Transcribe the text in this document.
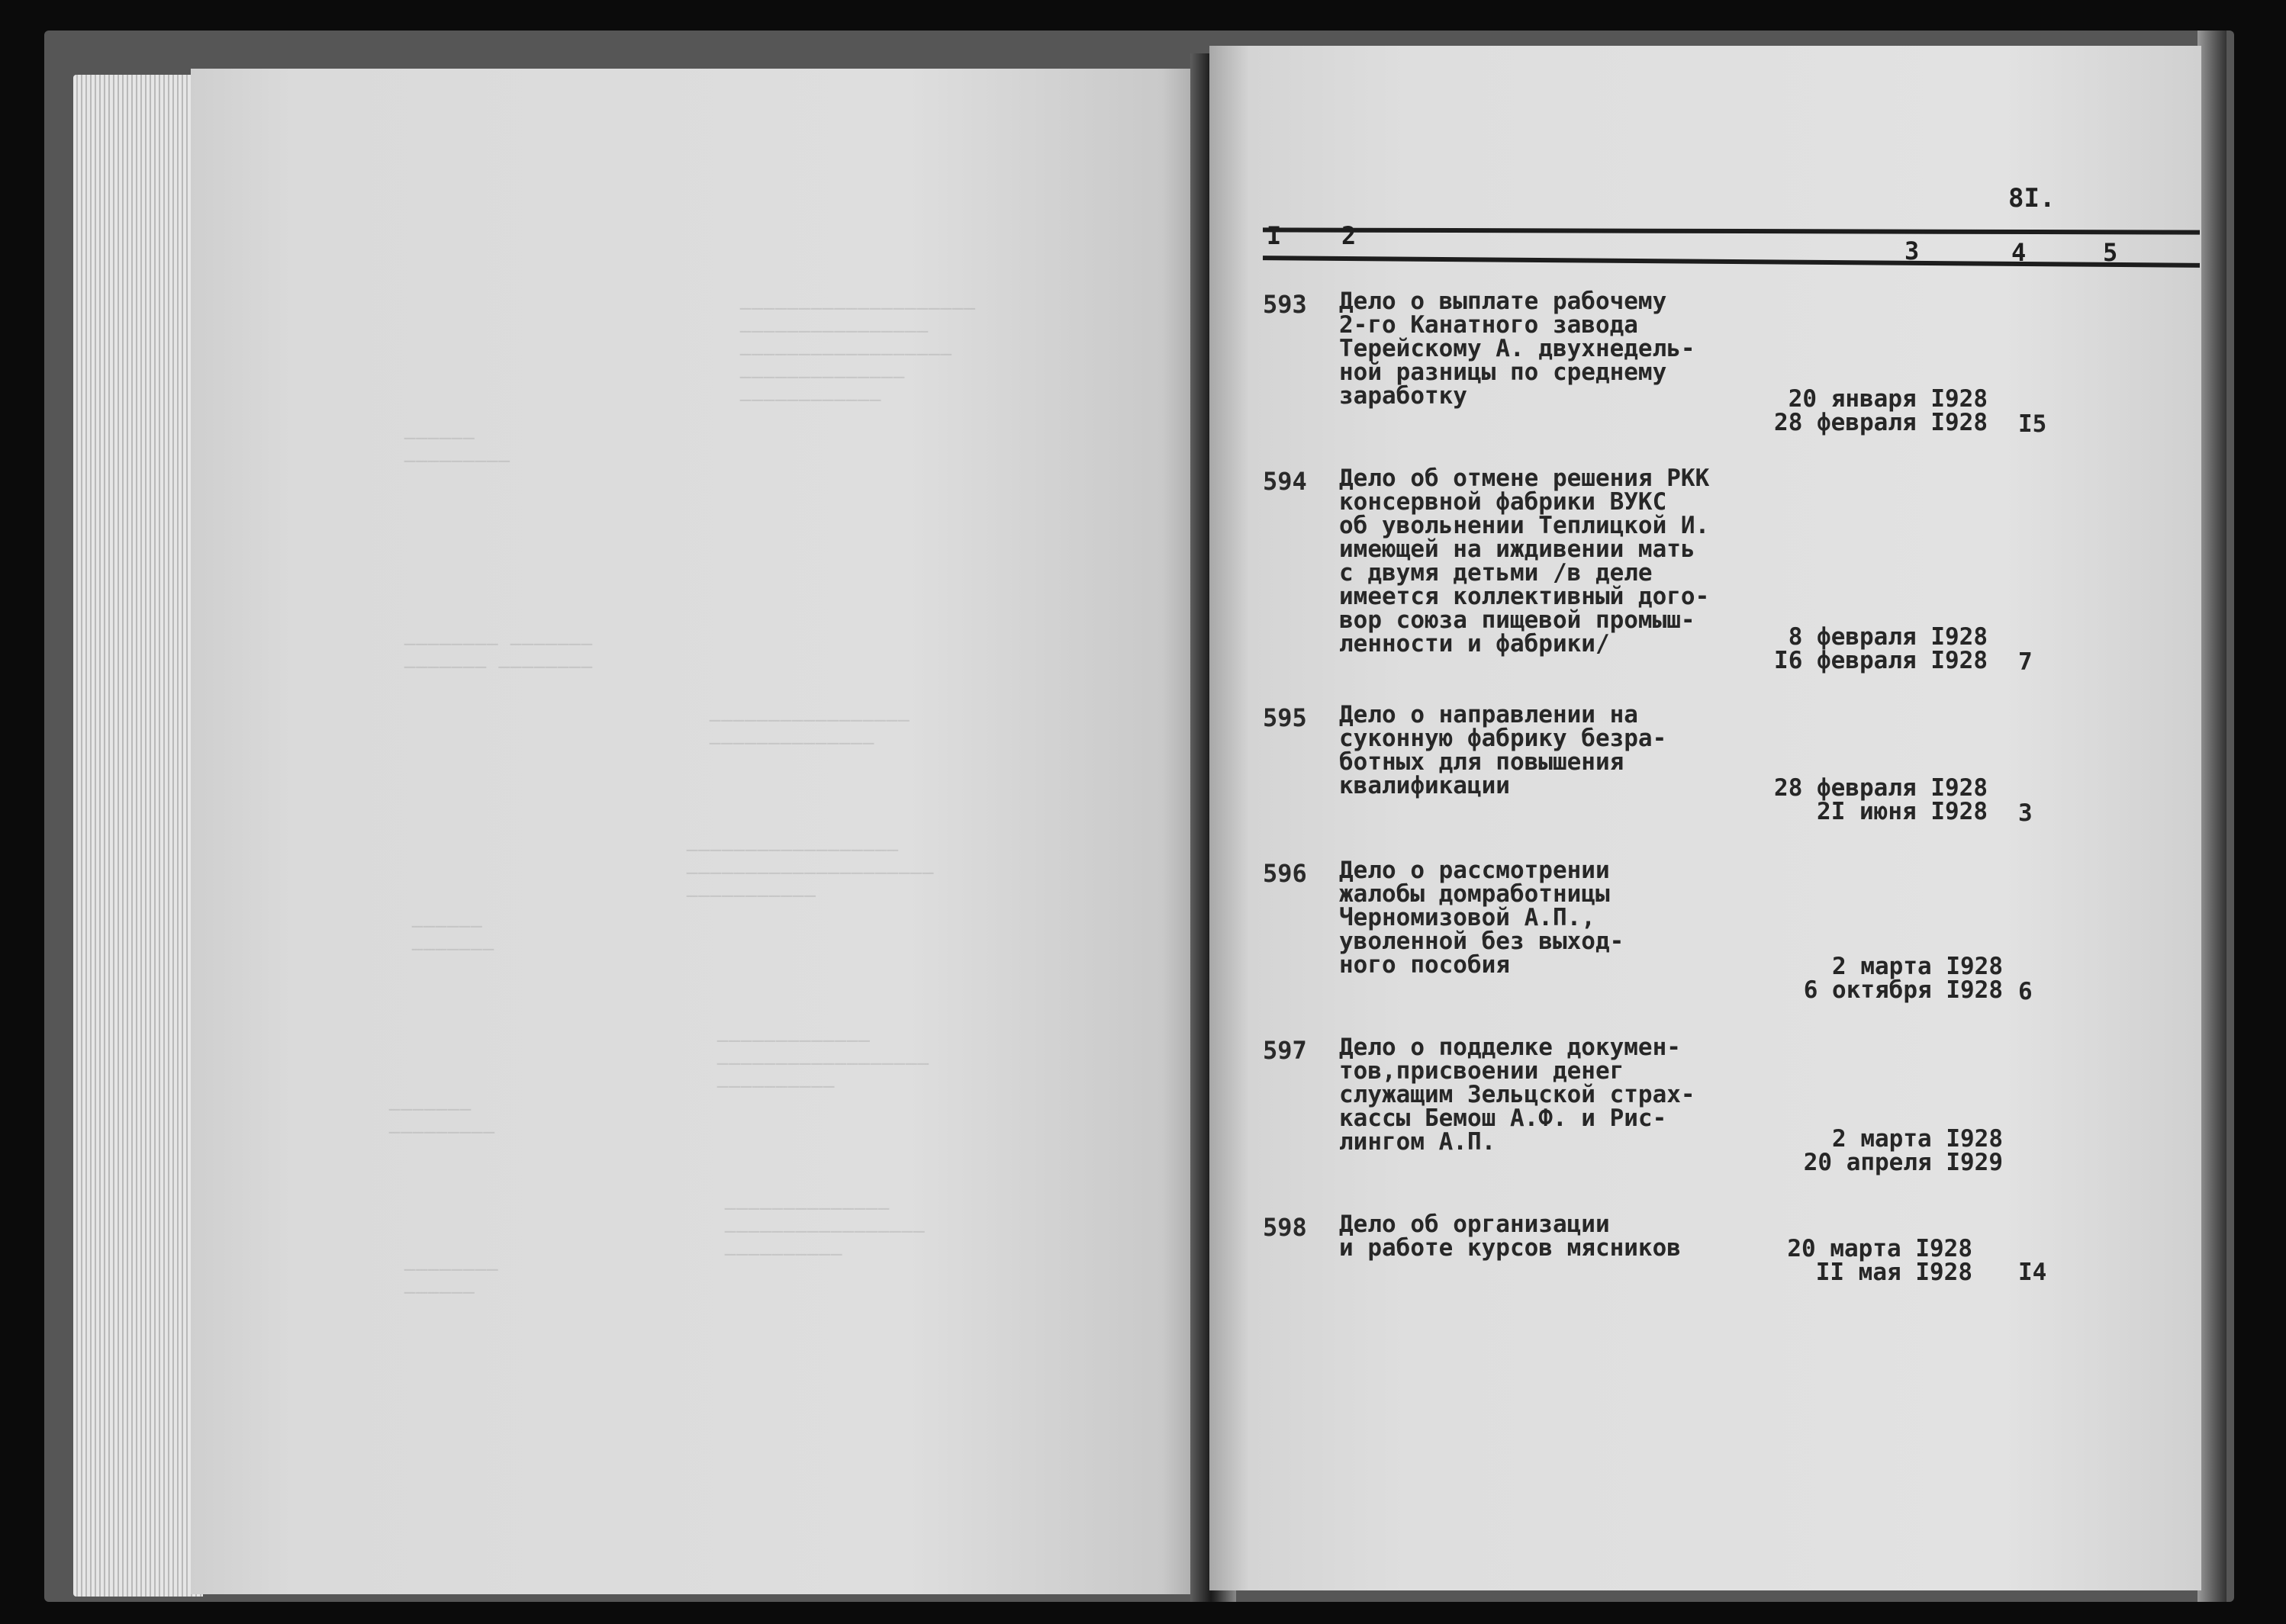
────────────────────
────────────────
──────────────────
──────────────
────────────
──────
─────────
──────── ───────
─────── ────────
─────────────────
──────────────
──────────────────
─────────────────────
───────────
──────
───────
─────────────
──────────────────
──────────
───────
─────────
──────────────
─────────────────
──────────
────────
──────
8I.
I 2
3	4	5
593 Дело о выплате рабочему
2-го Канатного завода
Терейскому А. двухнедель-
ной разницы по среднему
заработку	20 января I928
28 февраля I928 I5
594 Дело об отмене решения РКК
консервной фабрики ВУКС
об увольнении Теплицкой И.
имеющей на иждивении мать
с двумя детьми /в деле
имеется коллективный дого-
вор союза пищевой промыш-
ленности и фабрики/	8 февраля I928
I6 февраля I928 7
595 Дело о направлении на
суконную фабрику безра-
ботных для повышения
квалификации	28 февраля I928
2I июня I928 3
596 Дело о рассмотрении
жалобы домработницы
Черномизовой А.П.,
уволенной без выход-
ного пособия	2 марта I928
6 октября I928 6
597 Дело о подделке докумен-
тов,присвоении денег
служащим Зельцской страх-
кассы Бемош А.Ф. и Рис-
лингом А.П.	2 марта I928
20 апреля I929
598 Дело об организации
и работе курсов мясников	20 марта I928
II мая I928 I4
